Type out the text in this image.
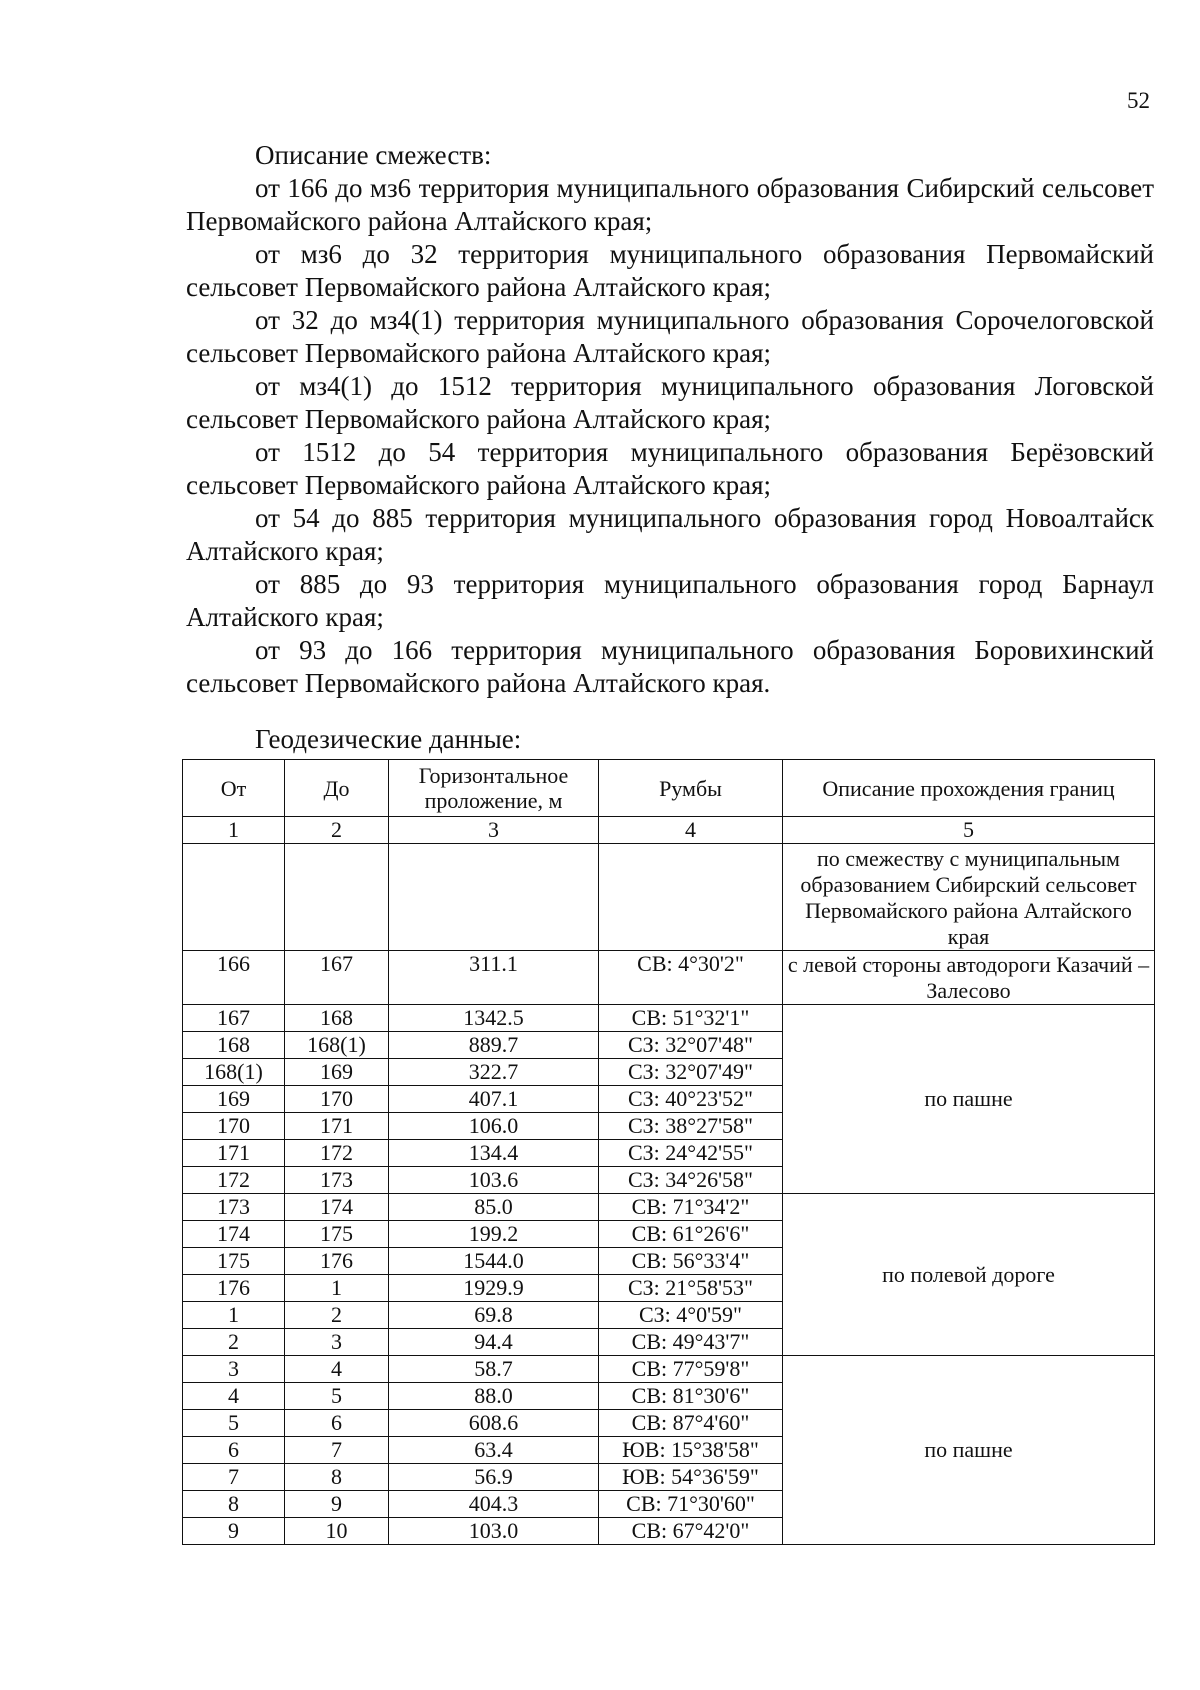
52
Описание смежеств:

от 166 до мз6 территория муниципального образования Сибирский сельсовет Первомайского района Алтайского края;

от мз6 до 32 территория муниципального образования Первомайский сельсовет Первомайского района Алтайского края;

от 32 до мз4(1) территория муниципального образования Сорочелоговской сельсовет Первомайского района Алтайского края;

от мз4(1) до 1512 территория муниципального образования Логовской сельсовет Первомайского района Алтайского края;

от 1512 до 54 территория муниципального образования Берёзовский сельсовет Первомайского района Алтайского края;

от 54 до 885 территория муниципального образования город Новоалтайск Алтайского края;

от 885 до 93 территория муниципального образования город Барнаул Алтайского края;

от 93 до 166 территория муниципального образования Боровихинский сельсовет Первомайского района Алтайского края.

Геодезические данные:
От	До	Горизонтальное проложение, м	Румбы	Описание прохождения границ
1	2	3	4	5
				по смежеству с муниципальным образованием Сибирский сельсовет Первомайского района Алтайского края
166	167	311.1	СВ: 4°30'2"	с левой стороны автодороги Казачий – Залесово
167	168	1342.5	СВ: 51°32'1"	по пашне
168	168(1)	889.7	СЗ: 32°07'48"	
168(1)	169	322.7	СЗ: 32°07'49"	
169	170	407.1	СЗ: 40°23'52"	
170	171	106.0	СЗ: 38°27'58"	
171	172	134.4	СЗ: 24°42'55"	
172	173	103.6	СЗ: 34°26'58"	
173	174	85.0	СВ: 71°34'2"	по полевой дороге
174	175	199.2	СВ: 61°26'6"	
175	176	1544.0	СВ: 56°33'4"	
176	1	1929.9	СЗ: 21°58'53"	
1	2	69.8	СЗ: 4°0'59"	
2	3	94.4	СВ: 49°43'7"	
3	4	58.7	СВ: 77°59'8"	по пашне
4	5	88.0	СВ: 81°30'6"	
5	6	608.6	СВ: 87°4'60"	
6	7	63.4	ЮВ: 15°38'58"	
7	8	56.9	ЮВ: 54°36'59"	
8	9	404.3	СВ: 71°30'60"	
9	10	103.0	СВ: 67°42'0"	
